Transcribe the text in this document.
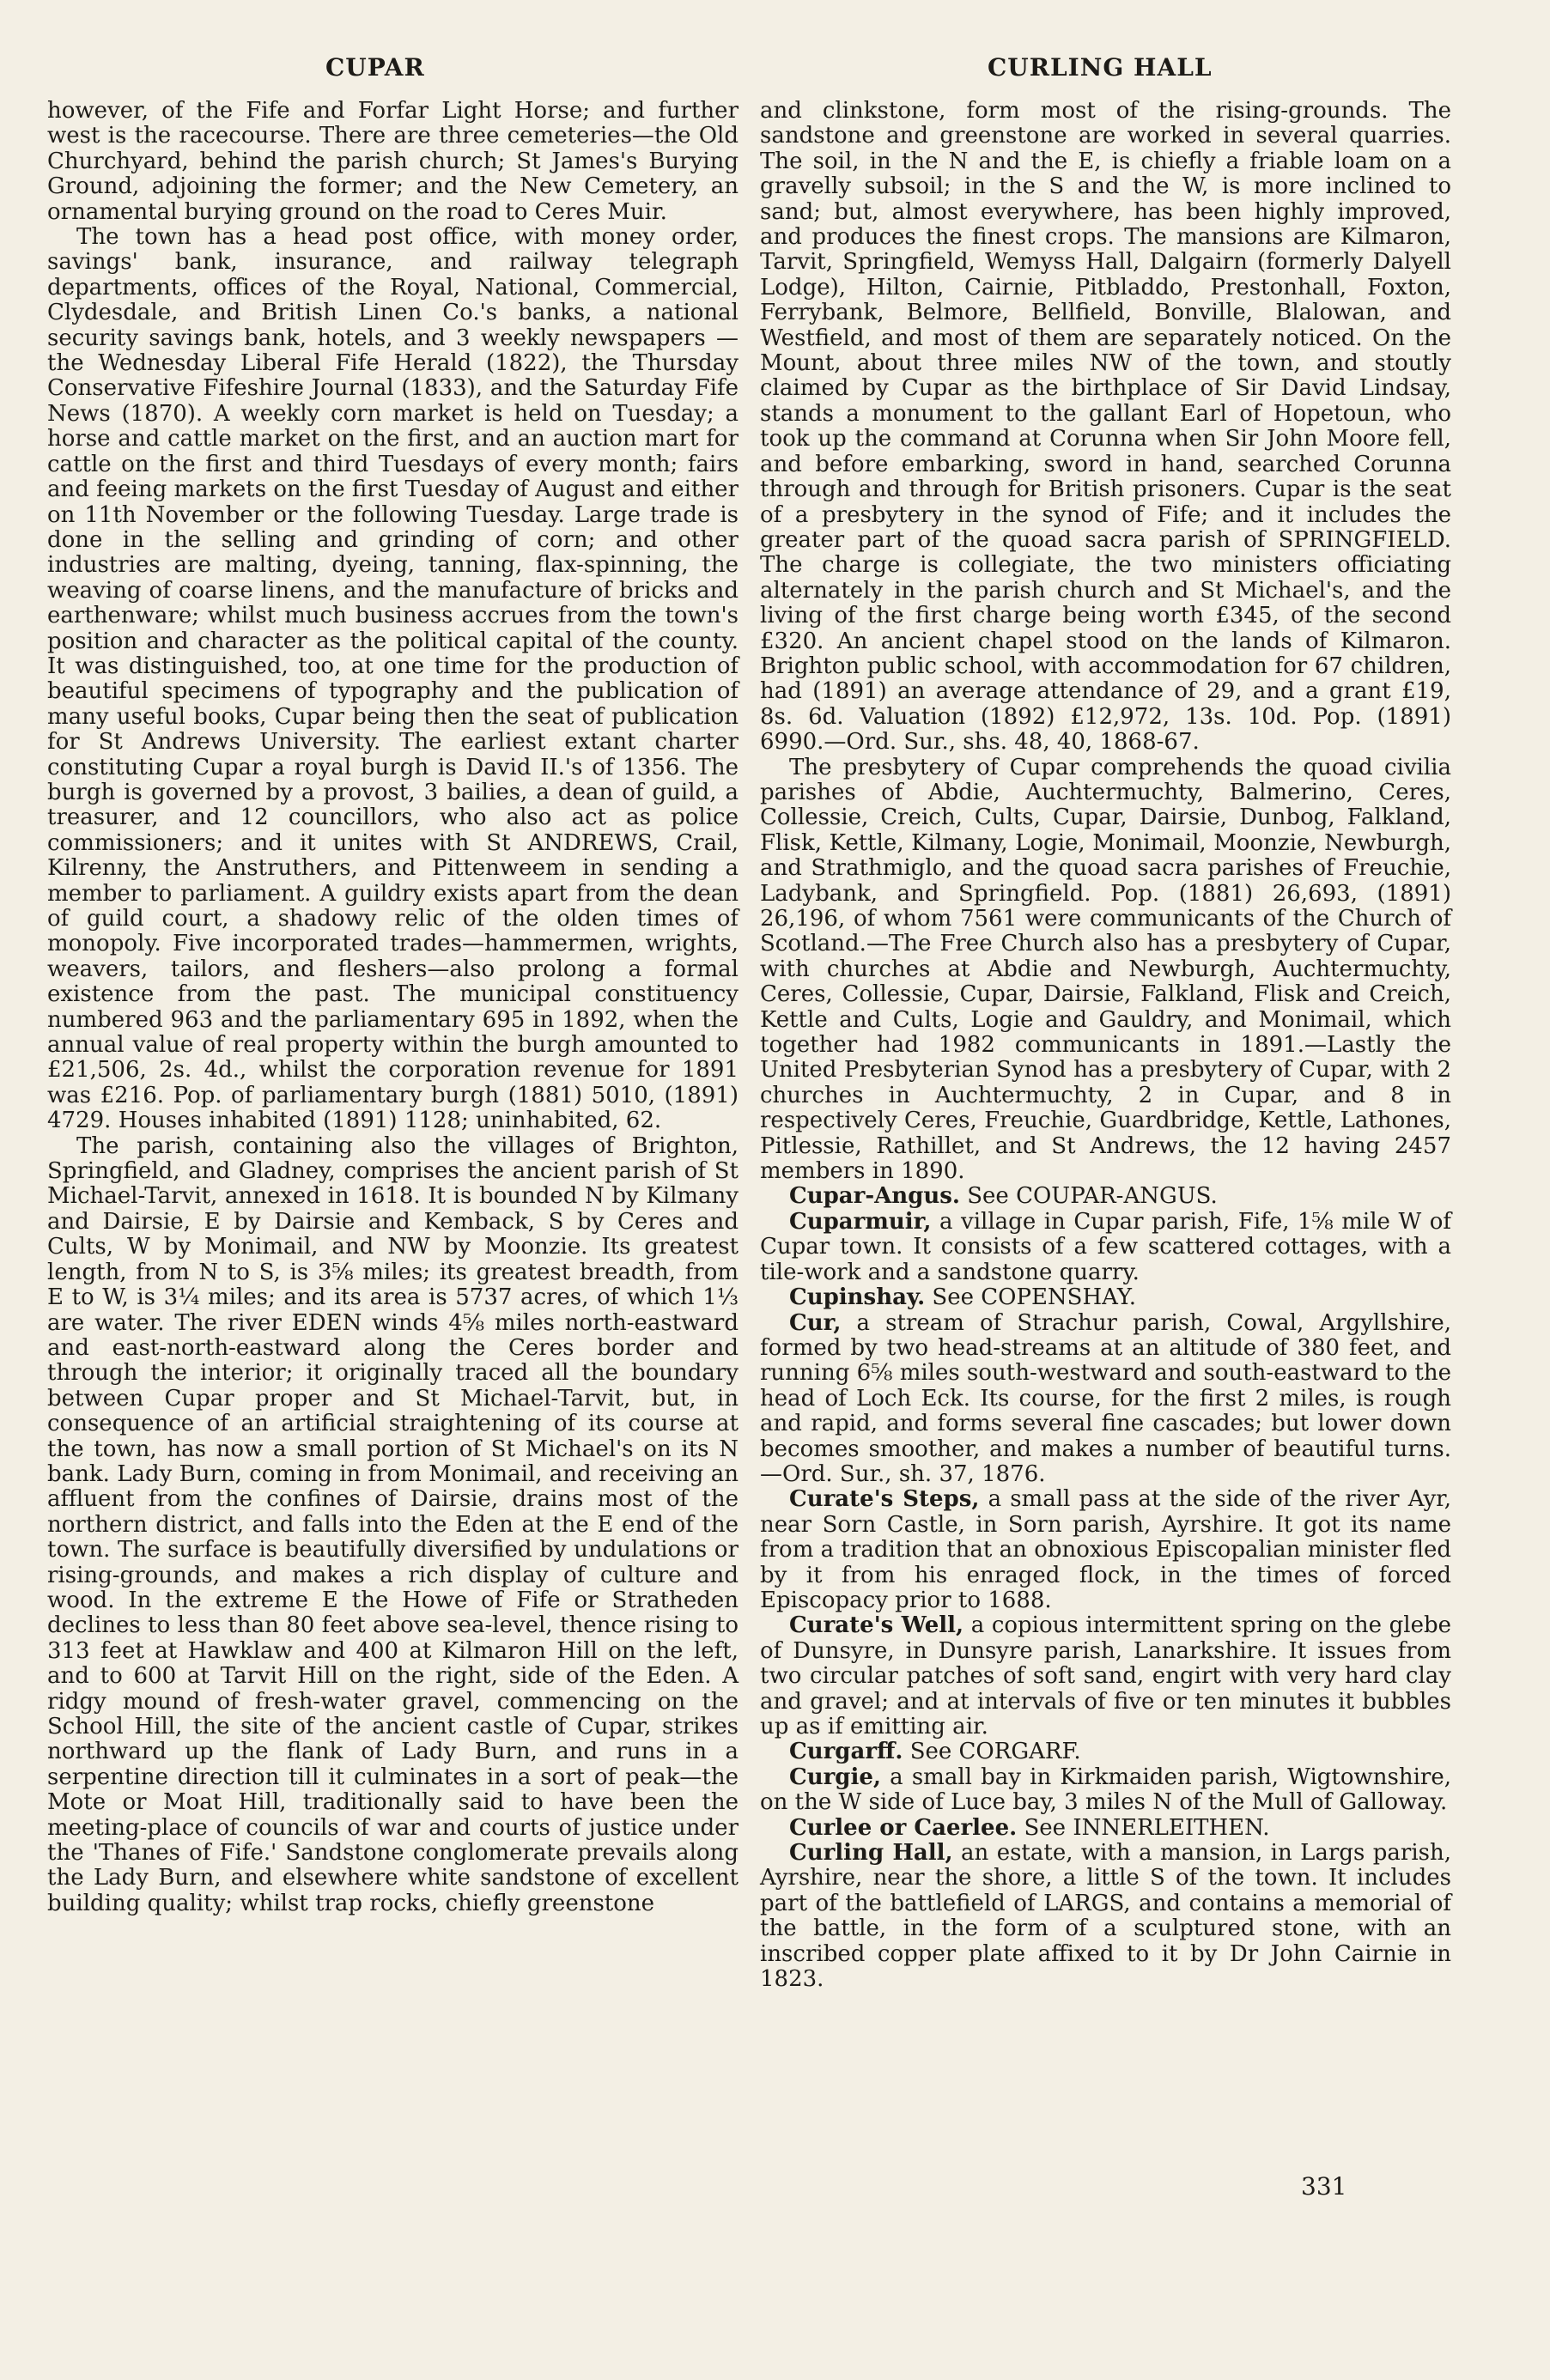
CUPAR	CURLING HALL

however, of the Fife and Forfar Light Horse; and further west is the racecourse. There are three cemeteries—the Old Churchyard, behind the parish church; St James's Burying Ground, adjoining the former; and the New Cemetery, an ornamental burying ground on the road to Ceres Muir.

The town has a head post office, with money order, savings' bank, insurance, and railway telegraph departments, offices of the Royal, National, Commercial, Clydesdale, and British Linen Co.'s banks, a national security savings bank, hotels, and 3 weekly newspapers —the Wednesday Liberal Fife Herald (1822), the Thursday Conservative Fifeshire Journal (1833), and the Saturday Fife News (1870). A weekly corn market is held on Tuesday; a horse and cattle market on the first, and an auction mart for cattle on the first and third Tuesdays of every month; fairs and feeing markets on the first Tuesday of August and either on 11th November or the following Tuesday. Large trade is done in the selling and grinding of corn; and other industries are malting, dyeing, tanning, flax-spinning, the weaving of coarse linens, and the manufacture of bricks and earthenware; whilst much business accrues from the town's position and character as the political capital of the county. It was distinguished, too, at one time for the production of beautiful specimens of typography and the publication of many useful books, Cupar being then the seat of publication for St Andrews University. The earliest extant charter constituting Cupar a royal burgh is David II.'s of 1356. The burgh is governed by a provost, 3 bailies, a dean of guild, a treasurer, and 12 councillors, who also act as police commissioners; and it unites with St ANDREWS, Crail, Kilrenny, the Anstruthers, and Pittenweem in sending a member to parliament. A guildry exists apart from the dean of guild court, a shadowy relic of the olden times of monopoly. Five incorporated trades—hammermen, wrights, weavers, tailors, and fleshers—also prolong a formal existence from the past. The municipal constituency numbered 963 and the parliamentary 695 in 1892, when the annual value of real property within the burgh amounted to £21,506, 2s. 4d., whilst the corporation revenue for 1891 was £216. Pop. of parliamentary burgh (1881) 5010, (1891) 4729. Houses inhabited (1891) 1128; uninhabited, 62.

The parish, containing also the villages of Brighton, Springfield, and Gladney, comprises the ancient parish of St Michael-Tarvit, annexed in 1618. It is bounded N by Kilmany and Dairsie, E by Dairsie and Kemback, S by Ceres and Cults, W by Monimail, and NW by Moonzie. Its greatest length, from N to S, is 3⅝ miles; its greatest breadth, from E to W, is 3¼ miles; and its area is 5737 acres, of which 1⅓ are water. The river EDEN winds 4⅝ miles north-eastward and east-north-eastward along the Ceres border and through the interior; it originally traced all the boundary between Cupar proper and St Michael-Tarvit, but, in consequence of an artificial straightening of its course at the town, has now a small portion of St Michael's on its N bank. Lady Burn, coming in from Monimail, and receiving an affluent from the confines of Dairsie, drains most of the northern district, and falls into the Eden at the E end of the town. The surface is beautifully diversified by undulations or rising-grounds, and makes a rich display of culture and wood. In the extreme E the Howe of Fife or Stratheden declines to less than 80 feet above sea-level, thence rising to 313 feet at Hawklaw and 400 at Kilmaron Hill on the left, and to 600 at Tarvit Hill on the right, side of the Eden. A ridgy mound of fresh-water gravel, commencing on the School Hill, the site of the ancient castle of Cupar, strikes northward up the flank of Lady Burn, and runs in a serpentine direction till it culminates in a sort of peak—the Mote or Moat Hill, traditionally said to have been the meeting-place of councils of war and courts of justice under the 'Thanes of Fife.' Sandstone conglomerate prevails along the Lady Burn, and elsewhere white sandstone of excellent building quality; whilst trap rocks, chiefly greenstone

and clinkstone, form most of the rising-grounds. The sandstone and greenstone are worked in several quarries. The soil, in the N and the E, is chiefly a friable loam on a gravelly subsoil; in the S and the W, is more inclined to sand; but, almost everywhere, has been highly improved, and produces the finest crops. The mansions are Kilmaron, Tarvit, Springfield, Wemyss Hall, Dalgairn (formerly Dalyell Lodge), Hilton, Cairnie, Pitbladdo, Prestonhall, Foxton, Ferrybank, Belmore, Bellfield, Bonville, Blalowan, and Westfield, and most of them are separately noticed. On the Mount, about three miles NW of the town, and stoutly claimed by Cupar as the birthplace of Sir David Lindsay, stands a monument to the gallant Earl of Hopetoun, who took up the command at Corunna when Sir John Moore fell, and before embarking, sword in hand, searched Corunna through and through for British prisoners. Cupar is the seat of a presbytery in the synod of Fife; and it includes the greater part of the quoad sacra parish of SPRINGFIELD. The charge is collegiate, the two ministers officiating alternately in the parish church and St Michael's, and the living of the first charge being worth £345, of the second £320. An ancient chapel stood on the lands of Kilmaron. Brighton public school, with accommodation for 67 children, had (1891) an average attendance of 29, and a grant £19, 8s. 6d. Valuation (1892) £12,972, 13s. 10d. Pop. (1891) 6990.—Ord. Sur., shs. 48, 40, 1868-67.

The presbytery of Cupar comprehends the quoad civilia parishes of Abdie, Auchtermuchty, Balmerino, Ceres, Collessie, Creich, Cults, Cupar, Dairsie, Dunbog, Falkland, Flisk, Kettle, Kilmany, Logie, Monimail, Moonzie, Newburgh, and Strathmiglo, and the quoad sacra parishes of Freuchie, Ladybank, and Springfield. Pop. (1881) 26,693, (1891) 26,196, of whom 7561 were communicants of the Church of Scotland.—The Free Church also has a presbytery of Cupar, with churches at Abdie and Newburgh, Auchtermuchty, Ceres, Collessie, Cupar, Dairsie, Falkland, Flisk and Creich, Kettle and Cults, Logie and Gauldry, and Monimail, which together had 1982 communicants in 1891.—Lastly the United Presbyterian Synod has a presbytery of Cupar, with 2 churches in Auchtermuchty, 2 in Cupar, and 8 in respectively Ceres, Freuchie, Guardbridge, Kettle, Lathones, Pitlessie, Rathillet, and St Andrews, the 12 having 2457 members in 1890.

Cupar-Angus. See COUPAR-ANGUS.

Cuparmuir, a village in Cupar parish, Fife, 1⅝ mile W of Cupar town. It consists of a few scattered cottages, with a tile-work and a sandstone quarry.

Cupinshay. See COPENSHAY.

Cur, a stream of Strachur parish, Cowal, Argyllshire, formed by two head-streams at an altitude of 380 feet, and running 6⅝ miles south-westward and south-eastward to the head of Loch Eck. Its course, for the first 2 miles, is rough and rapid, and forms several fine cascades; but lower down becomes smoother, and makes a number of beautiful turns.—Ord. Sur., sh. 37, 1876.

Curate's Steps, a small pass at the side of the river Ayr, near Sorn Castle, in Sorn parish, Ayrshire. It got its name from a tradition that an obnoxious Episcopalian minister fled by it from his enraged flock, in the times of forced Episcopacy prior to 1688.

Curate's Well, a copious intermittent spring on the glebe of Dunsyre, in Dunsyre parish, Lanarkshire. It issues from two circular patches of soft sand, engirt with very hard clay and gravel; and at intervals of five or ten minutes it bubbles up as if emitting air.

Curgarff. See CORGARF.

Curgie, a small bay in Kirkmaiden parish, Wigtownshire, on the W side of Luce bay, 3 miles N of the Mull of Galloway.

Curlee or Caerlee. See INNERLEITHEN.

Curling Hall, an estate, with a mansion, in Largs parish, Ayrshire, near the shore, a little S of the town. It includes part of the battlefield of LARGS, and contains a memorial of the battle, in the form of a sculptured stone, with an inscribed copper plate affixed to it by Dr John Cairnie in 1823.

331
